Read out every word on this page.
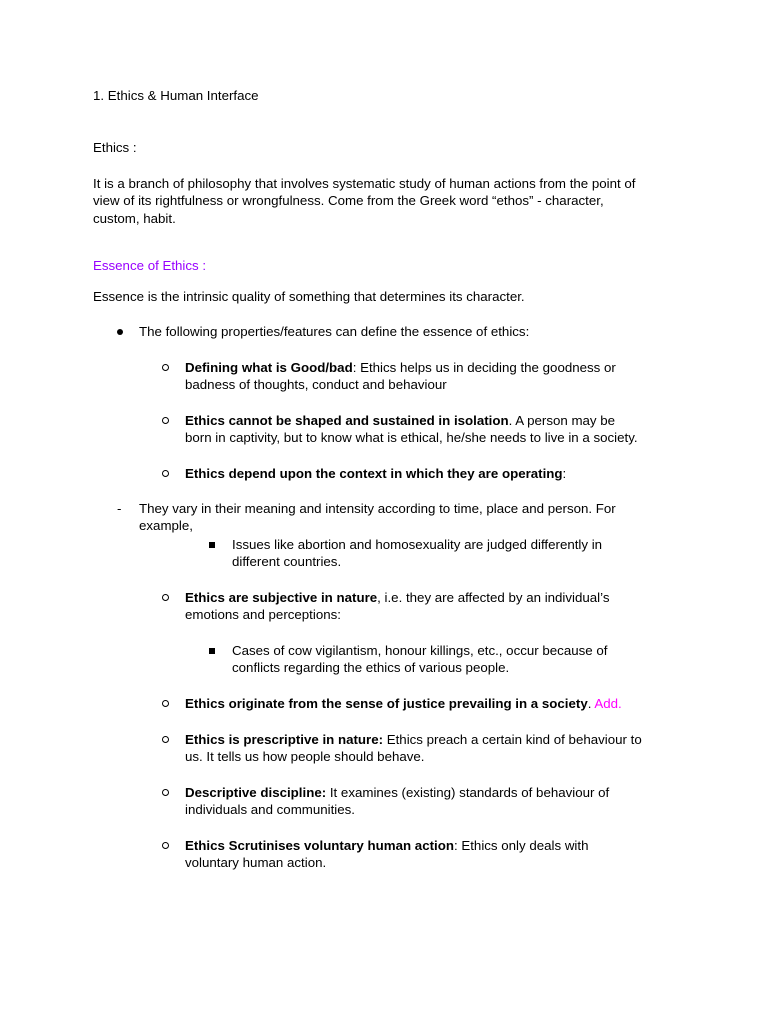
1. Ethics & Human Interface
Ethics :
It is a branch of philosophy that involves systematic study of human actions from the point of
view of its rightfulness or wrongfulness. Come from the Greek word “ethos” - character,
custom, habit.
Essence of Ethics :
Essence is the intrinsic quality of something that determines its character.
The following properties/features can define the essence of ethics:
Defining what is Good/bad: Ethics helps us in deciding the goodness or
badness of thoughts, conduct and behaviour
Ethics cannot be shaped and sustained in isolation. A person may be
born in captivity, but to know what is ethical, he/she needs to live in a society.
Ethics depend upon the context in which they are operating:
- They vary in their meaning and intensity according to time, place and person. For
example,
Issues like abortion and homosexuality are judged differently in
different countries.
Ethics are subjective in nature, i.e. they are affected by an individual’s
emotions and perceptions:
Cases of cow vigilantism, honour killings, etc., occur because of
conflicts regarding the ethics of various people.
Ethics originate from the sense of justice prevailing in a society. Add.
Ethics is prescriptive in nature: Ethics preach a certain kind of behaviour to
us. It tells us how people should behave.
Descriptive discipline: It examines (existing) standards of behaviour of
individuals and communities.
Ethics Scrutinises voluntary human action: Ethics only deals with
voluntary human action.
